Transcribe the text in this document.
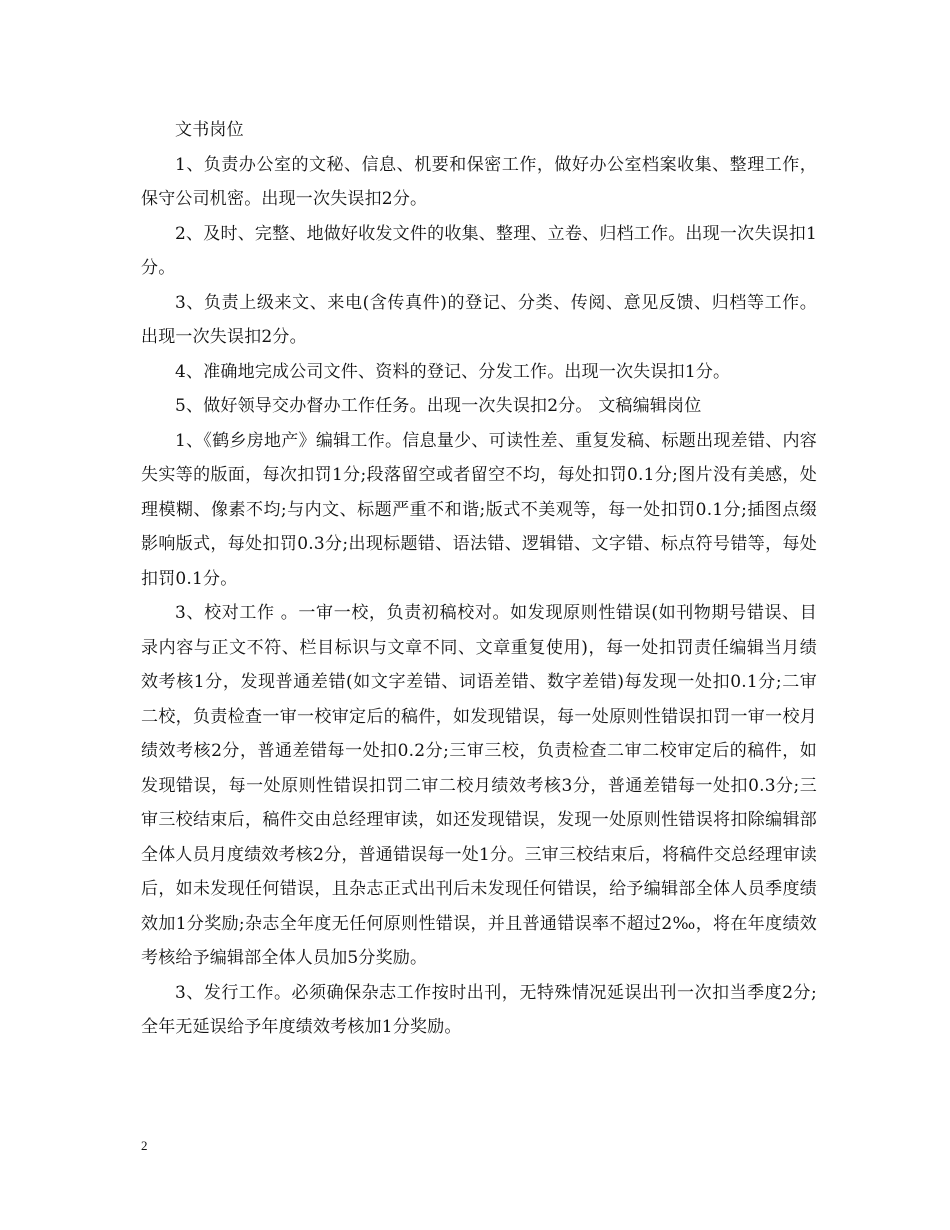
文书岗位

1、负责办公室的文秘、信息、机要和保密工作，做好办公室档案收集、整理工作，保守公司机密。出现一次失误扣2分。

2、及时、完整、地做好收发文件的收集、整理、立卷、归档工作。出现一次失误扣1分。

3、负责上级来文、来电(含传真件)的登记、分类、传阅、意见反馈、归档等工作。出现一次失误扣2分。

4、准确地完成公司文件、资料的登记、分发工作。出现一次失误扣1分。

5、做好领导交办督办工作任务。出现一次失误扣2分。 文稿编辑岗位

1、《鹤乡房地产》编辑工作。信息量少、可读性差、重复发稿、标题出现差错、内容失实等的版面，每次扣罚1分;段落留空或者留空不均，每处扣罚0.1分;图片没有美感，处理模糊、像素不均;与内文、标题严重不和谐;版式不美观等，每一处扣罚0.1分;插图点缀影响版式，每处扣罚0.3分;出现标题错、语法错、逻辑错、文字错、标点符号错等，每处扣罚0.1分。

3、校对工作 。一审一校，负责初稿校对。如发现原则性错误(如刊物期号错误、目录内容与正文不符、栏目标识与文章不同、文章重复使用)，每一处扣罚责任编辑当月绩效考核1分，发现普通差错(如文字差错、词语差错、数字差错)每发现一处扣0.1分;二审二校，负责检查一审一校审定后的稿件，如发现错误，每一处原则性错误扣罚一审一校月绩效考核2分，普通差错每一处扣0.2分;三审三校，负责检查二审二校审定后的稿件，如发现错误，每一处原则性错误扣罚二审二校月绩效考核3分，普通差错每一处扣0.3分;三审三校结束后，稿件交由总经理审读，如还发现错误，发现一处原则性错误将扣除编辑部全体人员月度绩效考核2分，普通错误每一处1分。三审三校结束后，将稿件交总经理审读后，如未发现任何错误，且杂志正式出刊后未发现任何错误，给予编辑部全体人员季度绩效加1分奖励;杂志全年度无任何原则性错误，并且普通错误率不超过2‰，将在年度绩效考核给予编辑部全体人员加5分奖励。

3、发行工作。必须确保杂志工作按时出刊，无特殊情况延误出刊一次扣当季度2分;全年无延误给予年度绩效考核加1分奖励。

2
